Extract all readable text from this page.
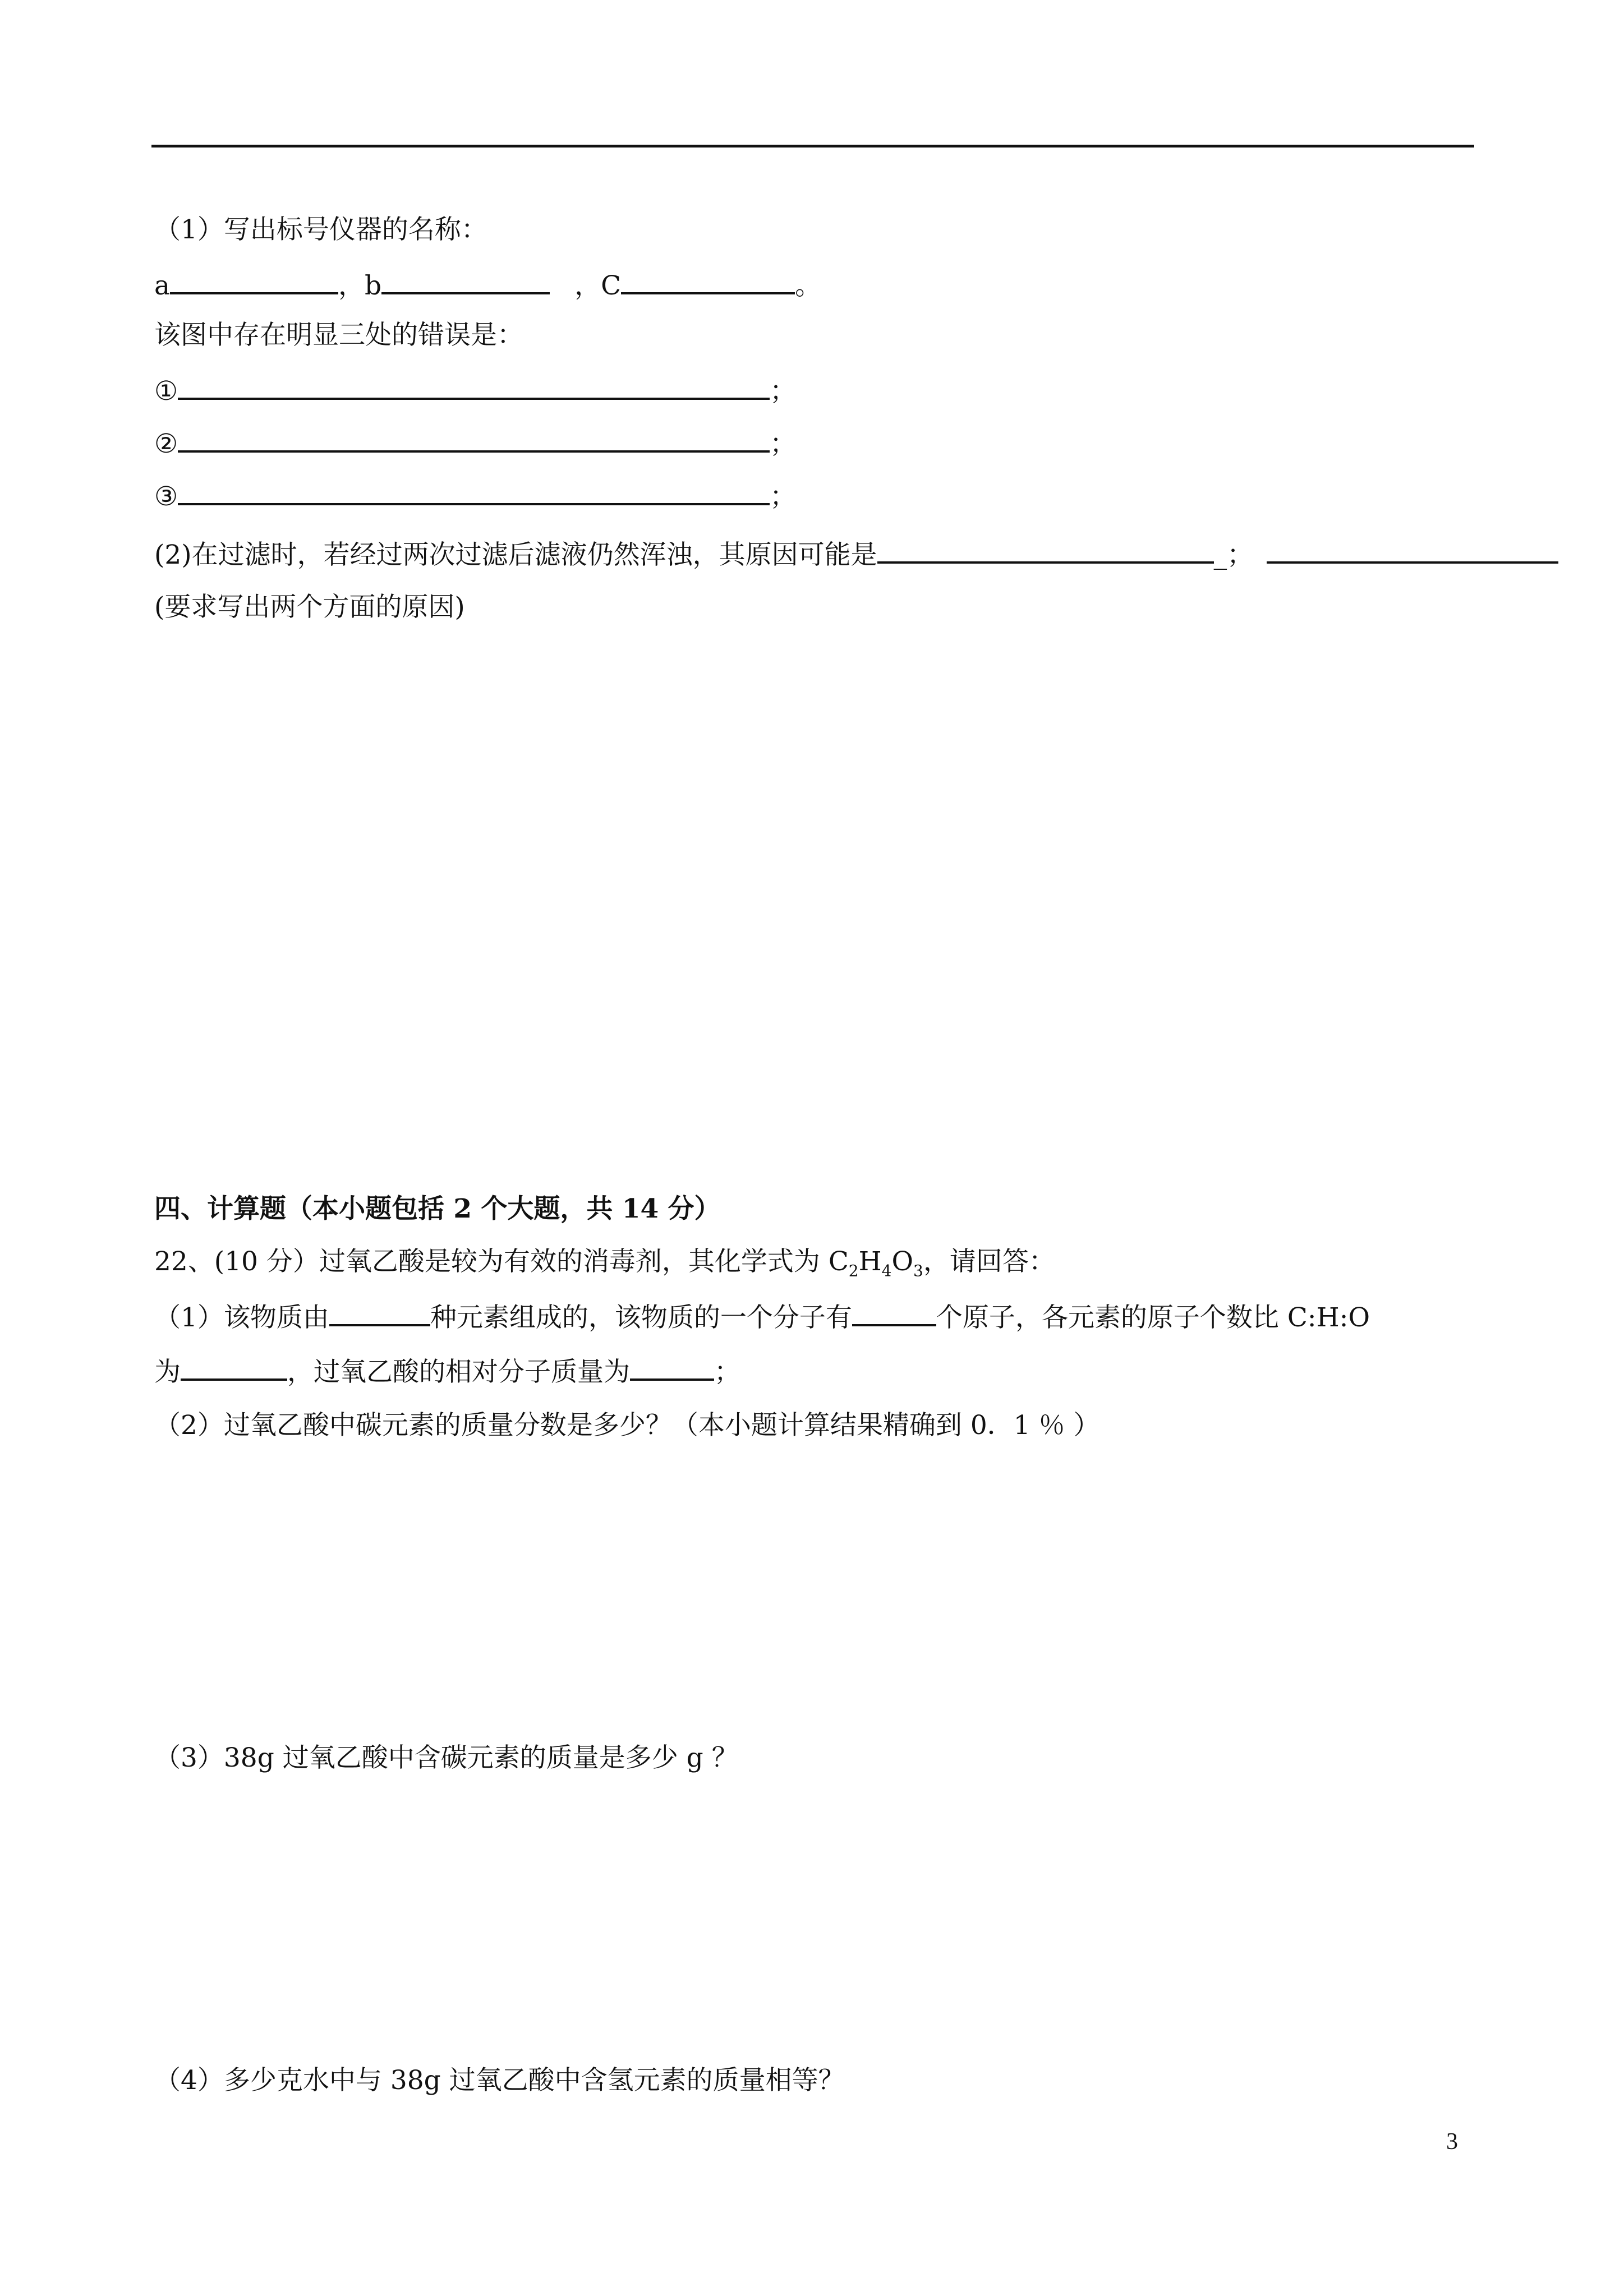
（1）写出标号仪器的名称：
a	，b	，C	。
该图中存在明显三处的错误是：
①	；
②	；
③	；
(2)在过滤时，若经过两次过滤后滤液仍然浑浊，其原因可能是	_；
(要求写出两个方面的原因)
四、计算题（本小题包括 2 个大题，共 14 分）
22、(10 分）过氧乙酸是较为有效的消毒剂，其化学式为 $C_2H_4O_3$，请回答：
（1）该物质由	种元素组成的，该物质的一个分子有	个原子，各元素的原子个数比 C:H:O
为	，过氧乙酸的相对分子质量为	；
（2）过氧乙酸中碳元素的质量分数是多少？（本小题计算结果精确到 0．1 ％ ）
（3）38g 过氧乙酸中含碳元素的质量是多少 g ？
（4）多少克水中与 38g 过氧乙酸中含氢元素的质量相等？
3
